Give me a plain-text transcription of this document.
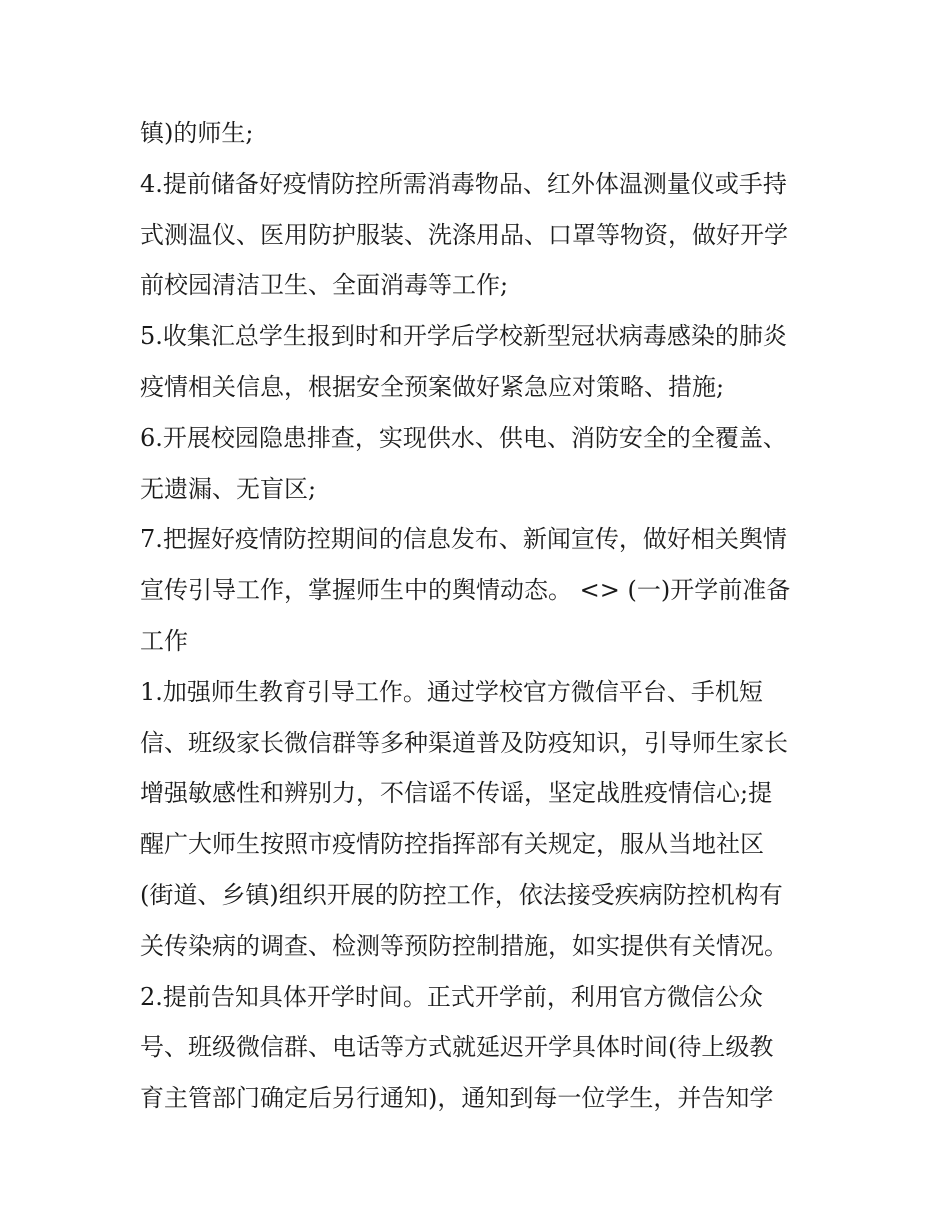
镇)的师生;
4.提前储备好疫情防控所需消毒物品、红外体温测量仪或手持
式测温仪、医用防护服装、洗涤用品、口罩等物资，做好开学
前校园清洁卫生、全面消毒等工作;
5.收集汇总学生报到时和开学后学校新型冠状病毒感染的肺炎
疫情相关信息，根据安全预案做好紧急应对策略、措施;
6.开展校园隐患排查，实现供水、供电、消防安全的全覆盖、
无遗漏、无盲区;
7.把握好疫情防控期间的信息发布、新闻宣传，做好相关舆情
宣传引导工作，掌握师生中的舆情动态。 <> (一)开学前准备
工作
1.加强师生教育引导工作。通过学校官方微信平台、手机短
信、班级家长微信群等多种渠道普及防疫知识，引导师生家长
增强敏感性和辨别力，不信谣不传谣，坚定战胜疫情信心;提
醒广大师生按照市疫情防控指挥部有关规定，服从当地社区
(街道、乡镇)组织开展的防控工作，依法接受疾病防控机构有
关传染病的调查、检测等预防控制措施，如实提供有关情况。
2.提前告知具体开学时间。正式开学前，利用官方微信公众
号、班级微信群、电话等方式就延迟开学具体时间(待上级教
育主管部门确定后另行通知)，通知到每一位学生，并告知学
